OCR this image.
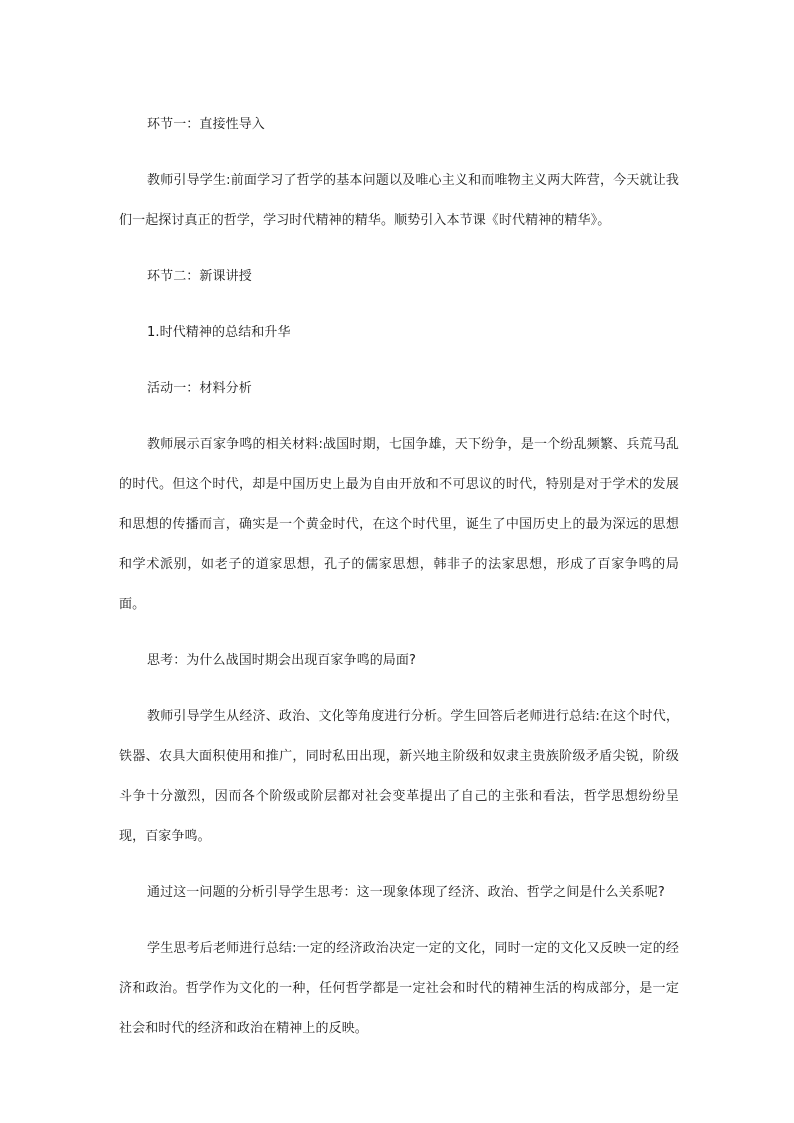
环节一：直接性导入

教师引导学生:前面学习了哲学的基本问题以及唯心主义和而唯物主义两大阵营，今天就让我们一起探讨真正的哲学，学习时代精神的精华。顺势引入本节课《时代精神的精华》。

环节二：新课讲授

1.时代精神的总结和升华

活动一：材料分析

教师展示百家争鸣的相关材料:战国时期，七国争雄，天下纷争，是一个纷乱频繁、兵荒马乱的时代。但这个时代，却是中国历史上最为自由开放和不可思议的时代，特别是对于学术的发展和思想的传播而言，确实是一个黄金时代，在这个时代里，诞生了中国历史上的最为深远的思想和学术派别，如老子的道家思想，孔子的儒家思想，韩非子的法家思想，形成了百家争鸣的局面。

思考：为什么战国时期会出现百家争鸣的局面?

教师引导学生从经济、政治、文化等角度进行分析。学生回答后老师进行总结:在这个时代，铁器、农具大面积使用和推广，同时私田出现，新兴地主阶级和奴隶主贵族阶级矛盾尖锐，阶级斗争十分激烈，因而各个阶级或阶层都对社会变革提出了自己的主张和看法，哲学思想纷纷呈现，百家争鸣。

通过这一问题的分析引导学生思考：这一现象体现了经济、政治、哲学之间是什么关系呢?

学生思考后老师进行总结:一定的经济政治决定一定的文化，同时一定的文化又反映一定的经济和政治。哲学作为文化的一种，任何哲学都是一定社会和时代的精神生活的构成部分，是一定社会和时代的经济和政治在精神上的反映。
